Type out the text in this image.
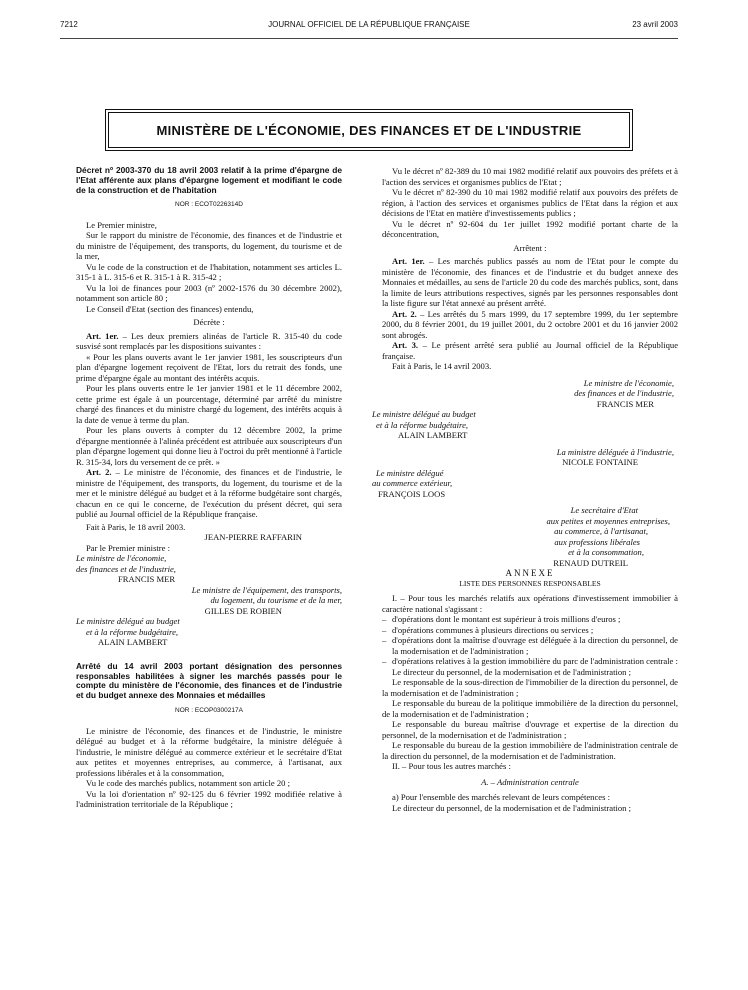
7212	JOURNAL OFFICIEL DE LA RÉPUBLIQUE FRANÇAISE	23 avril 2003
MINISTÈRE DE L'ÉCONOMIE, DES FINANCES ET DE L'INDUSTRIE

Décret nº 2003-370 du 18 avril 2003 relatif à la prime d'épargne de l'Etat afférente aux plans d'épargne logement et modifiant le code de la construction et de l'habitation

NOR : ECOT0226314D

Le Premier ministre,

Sur le rapport du ministre de l'économie, des finances et de l'industrie et du ministre de l'équipement, des transports, du logement, du tourisme et de la mer,

Vu le code de la construction et de l'habitation, notamment ses articles L. 315-1 à L. 315-6 et R. 315-1 à R. 315-42 ;

Vu la loi de finances pour 2003 (nº 2002-1576 du 30 décembre 2002), notamment son article 80 ;

Le Conseil d'Etat (section des finances) entendu,

Décrète :

Art. 1er. – Les deux premiers alinéas de l'article R. 315-40 du code susvisé sont remplacés par les dispositions suivantes :

« Pour les plans ouverts avant le 1er janvier 1981, les souscripteurs d'un plan d'épargne logement reçoivent de l'Etat, lors du retrait des fonds, une prime d'épargne égale au montant des intérêts acquis.

Pour les plans ouverts entre le 1er janvier 1981 et le 11 décembre 2002, cette prime est égale à un pourcentage, déterminé par arrêté du ministre chargé des finances et du ministre chargé du logement, des intérêts acquis à la date de venue à terme du plan.

Pour les plans ouverts à compter du 12 décembre 2002, la prime d'épargne mentionnée à l'alinéa précédent est attribuée aux souscripteurs d'un plan d'épargne logement qui donne lieu à l'octroi du prêt mentionné à l'article R. 315-34, lors du versement de ce prêt. »

Art. 2. – Le ministre de l'économie, des finances et de l'industrie, le ministre de l'équipement, des transports, du logement, du tourisme et de la mer et le ministre délégué au budget et à la réforme budgétaire sont chargés, chacun en ce qui le concerne, de l'exécution du présent décret, qui sera publié au Journal officiel de la République française.

Fait à Paris, le 18 avril 2003.

JEAN-PIERRE RAFFARIN

Par le Premier ministre :

Le ministre de l'économie,

des finances et de l'industrie,

FRANCIS MER

Le ministre de l'équipement, des transports,

du logement, du tourisme et de la mer,

GILLES DE ROBIEN

Le ministre délégué au budget

et à la réforme budgétaire,

ALAIN LAMBERT

Arrêté du 14 avril 2003 portant désignation des personnes responsables habilitées à signer les marchés passés pour le compte du ministère de l'économie, des finances et de l'industrie et du budget annexe des Monnaies et médailles

NOR : ECOP0300217A

Le ministre de l'économie, des finances et de l'industrie, le ministre délégué au budget et à la réforme budgétaire, la ministre déléguée à l'industrie, le ministre délégué au commerce extérieur et le secrétaire d'Etat aux petites et moyennes entreprises, au commerce, à l'artisanat, aux professions libérales et à la consommation,

Vu le code des marchés publics, notamment son article 20 ;

Vu la loi d'orientation nº 92-125 du 6 février 1992 modifiée relative à l'administration territoriale de la République ;

Vu le décret nº 82-389 du 10 mai 1982 modifié relatif aux pouvoirs des préfets et à l'action des services et organismes publics de l'Etat ;

Vu le décret nº 82-390 du 10 mai 1982 modifié relatif aux pouvoirs des préfets de région, à l'action des services et organismes publics de l'Etat dans la région et aux décisions de l'Etat en matière d'investissements publics ;

Vu le décret nº 92-604 du 1er juillet 1992 modifié portant charte de la déconcentration,

Arrêtent :

Art. 1er. – Les marchés publics passés au nom de l'Etat pour le compte du ministère de l'économie, des finances et de l'industrie et du budget annexe des Monnaies et médailles, au sens de l'article 20 du code des marchés publics, sont, dans la limite de leurs attributions respectives, signés par les personnes responsables dont la liste figure sur l'état annexé au présent arrêté.

Art. 2. – Les arrêtés du 5 mars 1999, du 17 septembre 1999, du 1er septembre 2000, du 8 février 2001, du 19 juillet 2001, du 2 octobre 2001 et du 16 janvier 2002 sont abrogés.

Art. 3. – Le présent arrêté sera publié au Journal officiel de la République française.

Fait à Paris, le 14 avril 2003.

Le ministre de l'économie,

des finances et de l'industrie,

FRANCIS MER

Le ministre délégué au budget

et à la réforme budgétaire,

ALAIN LAMBERT

La ministre déléguée à l'industrie,

NICOLE FONTAINE

Le ministre délégué

au commerce extérieur,

FRANÇOIS LOOS

Le secrétaire d'Etat

aux petites et moyennes entreprises,

au commerce, à l'artisanat,

aux professions libérales

et à la consommation,

RENAUD DUTREIL

ANNEXE

LISTE DES PERSONNES RESPONSABLES

I. – Pour tous les marchés relatifs aux opérations d'investissement immobilier à caractère national s'agissant :

– d'opérations dont le montant est supérieur à trois millions d'euros ;
– d'opérations communes à plusieurs directions ou services ;
– d'opérations dont la maîtrise d'ouvrage est déléguée à la direction du personnel, de la modernisation et de l'administration ;
– d'opérations relatives à la gestion immobilière du parc de l'administration centrale :

Le directeur du personnel, de la modernisation et de l'administration ;

Le responsable de la sous-direction de l'immobilier de la direction du personnel, de la modernisation et de l'administration ;

Le responsable du bureau de la politique immobilière de la direction du personnel, de la modernisation et de l'administration ;

Le responsable du bureau maîtrise d'ouvrage et expertise de la direction du personnel, de la modernisation et de l'administration ;

Le responsable du bureau de la gestion immobilière de l'administration centrale de la direction du personnel, de la modernisation et de l'administration.

II. – Pour tous les autres marchés :

A. – Administration centrale

a) Pour l'ensemble des marchés relevant de leurs compétences :

Le directeur du personnel, de la modernisation et de l'administration ;
